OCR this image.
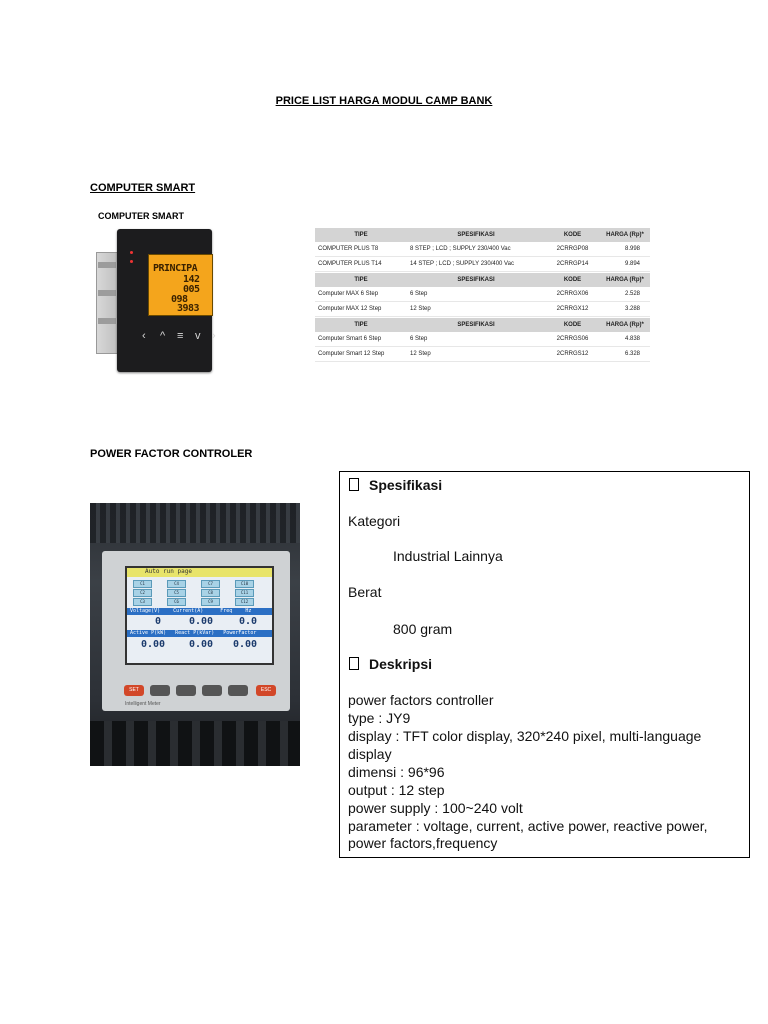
PRICE LIST HARGA MODUL CAMP BANK
COMPUTER SMART
COMPUTER SMART
PRINCIPA
142
005
098
3983
‹ ^ ≡ v ›
TIPE	SPESIFIKASI	KODE	HARGA (Rp)*
COMPUTER PLUS T8	8 STEP ; LCD ; SUPPLY 230/400 Vac	2CRRGP08	8.998
COMPUTER PLUS T14	14 STEP ; LCD ; SUPPLY 230/400 Vac	2CRRGP14	9.894

TIPE	SPESIFIKASI	KODE	HARGA (Rp)*
Computer MAX 6 Step	6 Step	2CRRGX06	2.528
Computer MAX 12 Step	12 Step	2CRRGX12	3.288

TIPE	SPESIFIKASI	KODE	HARGA (Rp)*
Computer Smart 6 Step	6 Step	2CRRGS06	4.838
Computer Smart 12 Step	12 Step	2CRRGS12	6.328
POWER FACTOR CONTROLER
Auto run page
C1	C4	C7	C10
C2	C5	C8	C11
C3	C6	C9	C12
Voltage(V)	Current(A)	Freq	Hz
0	0.00	0.0
Active P(kW) React P(kVar) PowerFactor
0.00 0.00 0.00
SET	ESC
Intelligent Meter
Spesifikasi
Kategori
Industrial Lainnya
Berat
800 gram
Deskripsi
power factors controller
type : JY9
display : TFT color display, 320*240 pixel, multi-language
display
dimensi : 96*96
output : 12 step
power supply : 100~240 volt
parameter : voltage, current, active power, reactive power,
power factors,frequency
